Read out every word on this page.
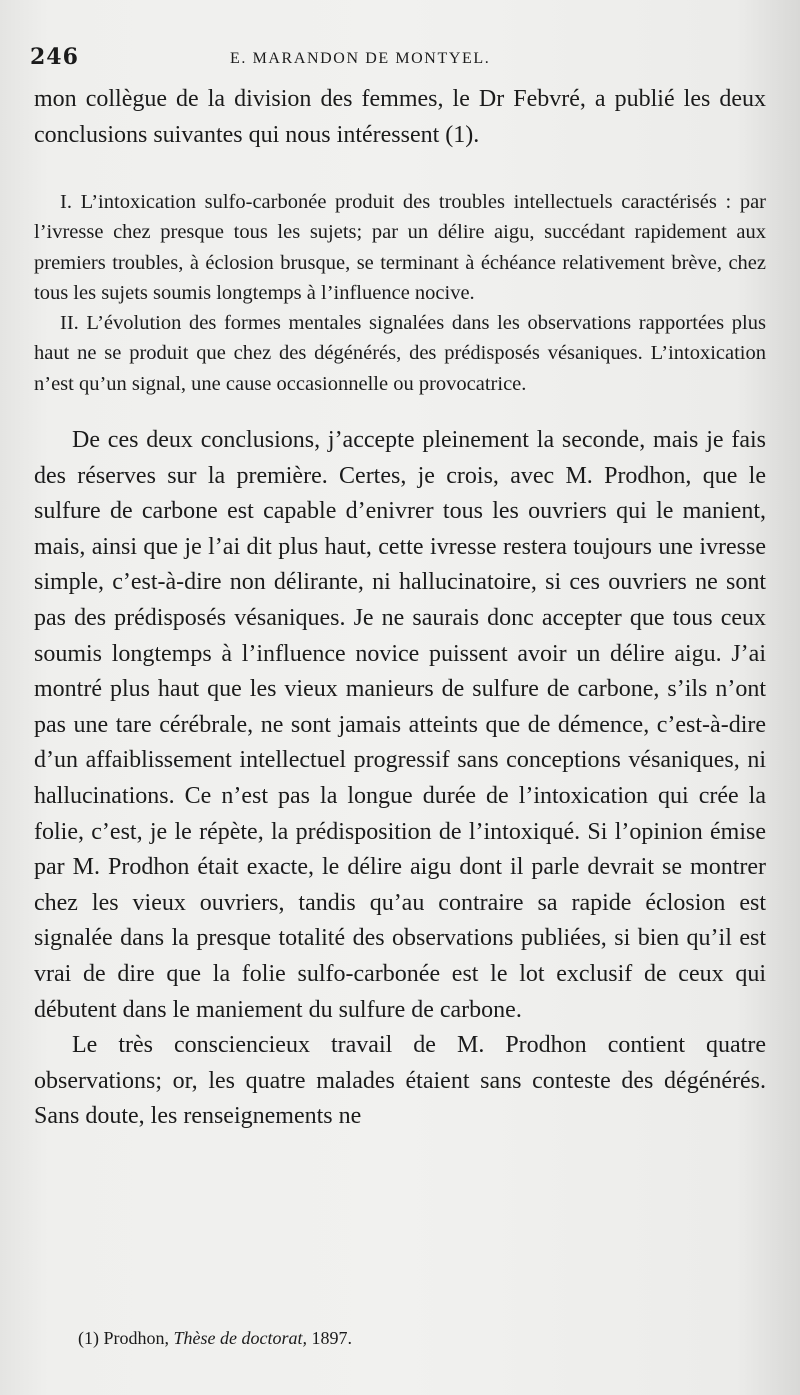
246	E. MARANDON DE MONTYEL.

mon collègue de la division des femmes, le Dr Febvré, a publié les deux conclusions suivantes qui nous intéressent (1).

I. L’intoxication sulfo-carbonée produit des troubles intellectuels caractérisés : par l’ivresse chez presque tous les sujets; par un délire aigu, succédant rapidement aux premiers troubles, à éclosion brusque, se terminant à échéance relativement brève, chez tous les sujets soumis longtemps à l’influence nocive.

II. L’évolution des formes mentales signalées dans les observations rapportées plus haut ne se produit que chez des dégénérés, des prédisposés vésaniques. L’intoxication n’est qu’un signal, une cause occasionnelle ou provocatrice.

De ces deux conclusions, j’accepte pleinement la seconde, mais je fais des réserves sur la première. Certes, je crois, avec M. Prodhon, que le sulfure de carbone est capable d’enivrer tous les ouvriers qui le manient, mais, ainsi que je l’ai dit plus haut, cette ivresse restera toujours une ivresse simple, c’est-à-dire non délirante, ni hallucinatoire, si ces ouvriers ne sont pas des prédisposés vésaniques. Je ne saurais donc accepter que tous ceux soumis longtemps à l’influence novice puissent avoir un délire aigu. J’ai montré plus haut que les vieux manieurs de sulfure de carbone, s’ils n’ont pas une tare cérébrale, ne sont jamais atteints que de démence, c’est-à-dire d’un affaiblissement intellectuel progressif sans conceptions vésaniques, ni hallucinations. Ce n’est pas la longue durée de l’intoxication qui crée la folie, c’est, je le répète, la prédisposition de l’intoxiqué. Si l’opinion émise par M. Prodhon était exacte, le délire aigu dont il parle devrait se montrer chez les vieux ouvriers, tandis qu’au contraire sa rapide éclosion est signalée dans la presque totalité des observations publiées, si bien qu’il est vrai de dire que la folie sulfo-carbonée est le lot exclusif de ceux qui débutent dans le maniement du sulfure de carbone.

Le très consciencieux travail de M. Prodhon contient quatre observations; or, les quatre malades étaient sans conteste des dégénérés. Sans doute, les renseignements ne

(1) Prodhon, Thèse de doctorat, 1897.
